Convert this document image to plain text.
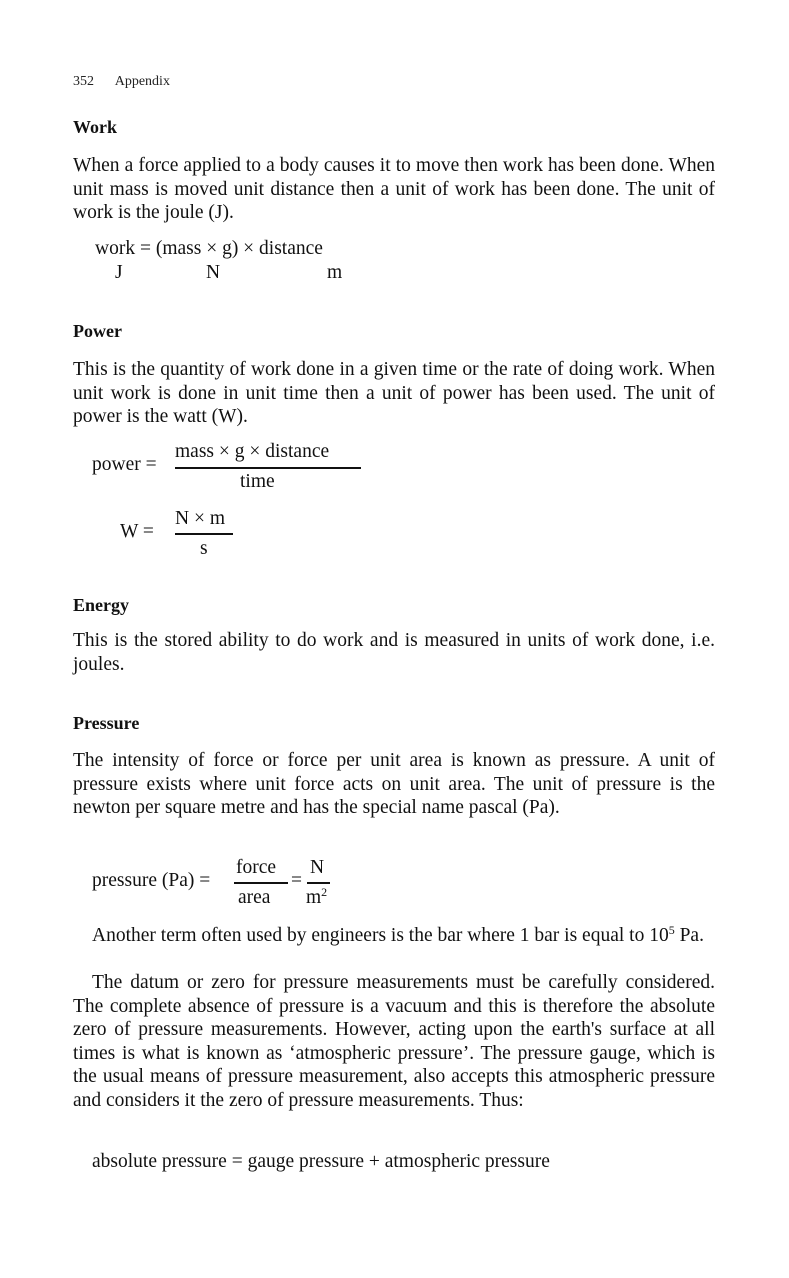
352 Appendix
Work
When a force applied to a body causes it to move then work has been done. When unit mass is moved unit distance then a unit of work has been done. The unit of work is the joule (J).
work = (mass × g) × distance
J	N	m
Power
This is the quantity of work done in a given time or the rate of doing work. When unit work is done in unit time then a unit of power has been used. The unit of power is the watt (W).
power =
mass × g × distance
time
W =
N × m
s
Energy
This is the stored ability to do work and is measured in units of work done, i.e. joules.
Pressure
The intensity of force or force per unit area is known as pressure. A unit of pressure exists where unit force acts on unit area. The unit of pressure is the newton per square metre and has the special name pascal (Pa).
pressure (Pa) =
force
area
=
N
$m^2$
Another term often used by engineers is the bar where 1 bar is equal to $10^5$ Pa.
The datum or zero for pressure measurements must be carefully considered. The complete absence of pressure is a vacuum and this is therefore the absolute zero of pressure measurements. However, acting upon the earth's surface at all times is what is known as ‘atmospheric pressure’. The pressure gauge, which is the usual means of pressure measurement, also accepts this atmospheric pressure and considers it the zero of pressure measurements. Thus:
absolute pressure = gauge pressure + atmospheric pressure
